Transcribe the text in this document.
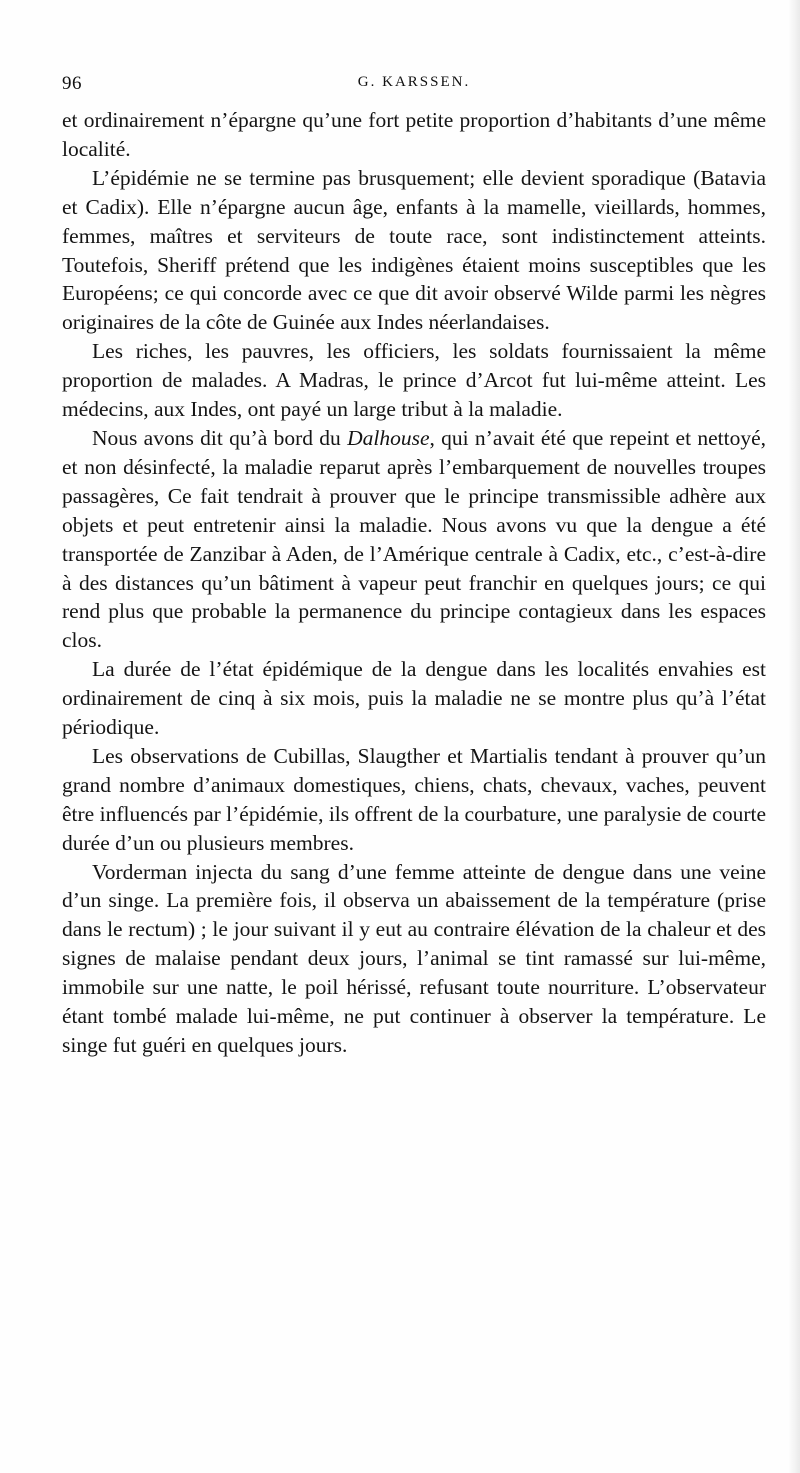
96	G. KARSSEN.

et ordinairement n’épargne qu’une fort petite proportion d’habitants d’une même localité.

L’épidémie ne se termine pas brusquement; elle devient sporadique (Batavia et Cadix). Elle n’épargne aucun âge, enfants à la mamelle, vieillards, hommes, femmes, maîtres et serviteurs de toute race, sont indistinctement atteints. Toutefois, Sheriff prétend que les indigènes étaient moins susceptibles que les Européens; ce qui concorde avec ce que dit avoir observé Wilde parmi les nègres originaires de la côte de Guinée aux Indes néerlandaises.

Les riches, les pauvres, les officiers, les soldats fournissaient la même proportion de malades. A Madras, le prince d’Arcot fut lui-même atteint. Les médecins, aux Indes, ont payé un large tribut à la maladie.

Nous avons dit qu’à bord du Dalhouse, qui n’avait été que repeint et nettoyé, et non désinfecté, la maladie reparut après l’embarquement de nouvelles troupes passagères, Ce fait tendrait à prouver que le principe transmissible adhère aux objets et peut entretenir ainsi la maladie. Nous avons vu que la dengue a été transportée de Zanzibar à Aden, de l’Amérique centrale à Cadix, etc., c’est-à-dire à des distances qu’un bâtiment à vapeur peut franchir en quelques jours; ce qui rend plus que probable la permanence du principe contagieux dans les espaces clos.

La durée de l’état épidémique de la dengue dans les localités envahies est ordinairement de cinq à six mois, puis la maladie ne se montre plus qu’à l’état périodique.

Les observations de Cubillas, Slaugther et Martialis tendant à prouver qu’un grand nombre d’animaux domestiques, chiens, chats, chevaux, vaches, peuvent être influencés par l’épidémie, ils offrent de la courbature, une paralysie de courte durée d’un ou plusieurs membres.

Vorderman injecta du sang d’une femme atteinte de dengue dans une veine d’un singe. La première fois, il observa un abaissement de la température (prise dans le rectum) ; le jour suivant il y eut au contraire élévation de la chaleur et des signes de malaise pendant deux jours, l’animal se tint ramassé sur lui-même, immobile sur une natte, le poil hérissé, refusant toute nourriture. L’observateur étant tombé malade lui-même, ne put continuer à observer la température. Le singe fut guéri en quelques jours.
